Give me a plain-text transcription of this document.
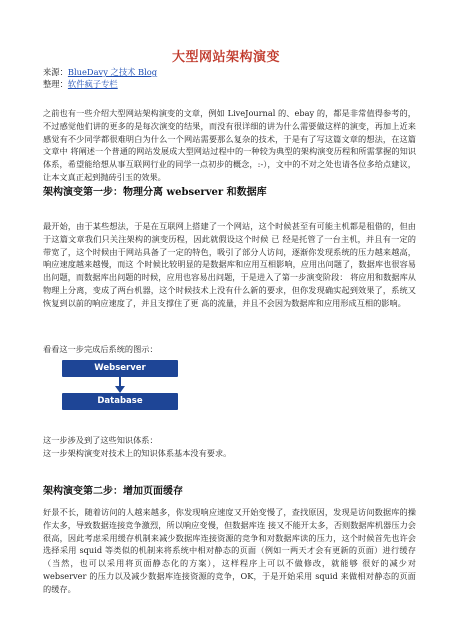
大型网站架构演变
来源：BlueDavy 之技术 Blog
整理：软件疯子专栏

之前也有一些介绍大型网站架构演变的文章，例如 LiveJournal 的、ebay 的，都是非常值得参考的，不过感觉他们讲的更多的是每次演变的结果，而没有很详细的讲为什么需要做这样的演变，再加上近来感觉有不少同学都很难明白为什么一个网站需要那么复杂的技术，于是有了写这篇文章的想法，在这篇文章中 将阐述一个普通的网站发展成大型网站过程中的一种较为典型的架构演变历程和所需掌握的知识体系，希望能给想从事互联网行业的同学一点初步的概念，:-），文中的不对之处也请各位多给点建议，让本文真正起到抛砖引玉的效果。

架构演变第一步：物理分离 webserver 和数据库

最开始，由于某些想法，于是在互联网上搭建了一个网站，这个时候甚至有可能主机都是租借的，但由于这篇文章我们只关注架构的演变历程，因此就假设这个时候 已 经是托管了一台主机，并且有一定的带宽了，这个时候由于网站具备了一定的特色，吸引了部分人访问，逐渐你发现系统的压力越来越高，响应速度越来越慢，而这 个时候比较明显的是数据库和应用互相影响，应用出问题了，数据库也很容易出问题，而数据库出问题的时候，应用也容易出问题，于是进入了第一步演变阶段： 将应用和数据库从物理上分离，变成了两台机器，这个时候技术上没有什么新的要求，但你发现确实起到效果了，系统又恢复到以前的响应速度了，并且支撑住了更 高的流量，并且不会因为数据库和应用形成互相的影响。

看看这一步完成后系统的图示：

Webserver
Database

这一步涉及到了这些知识体系：

这一步架构演变对技术上的知识体系基本没有要求。

架构演变第二步：增加页面缓存

好景不长，随着访问的人越来越多，你发现响应速度又开始变慢了，查找原因，发现是访问数据库的操作太多，导致数据连接竞争激烈，所以响应变慢，但数据库连 接又不能开太多，否则数据库机器压力会很高，因此考虑采用缓存机制来减少数据库连接资源的竞争和对数据库读的压力，这个时候首先也许会选择采用 squid 等类似的机制来将系统中相对静态的页面（例如一两天才会有更新的页面）进行缓存（当然，也可以采用将页面静态化的方案），这样程序上可以不做修改，就能够 很好的减少对 webserver 的压力以及减少数据库连接资源的竞争，OK，于是开始采用 squid 来做相对静态的页面的缓存。
